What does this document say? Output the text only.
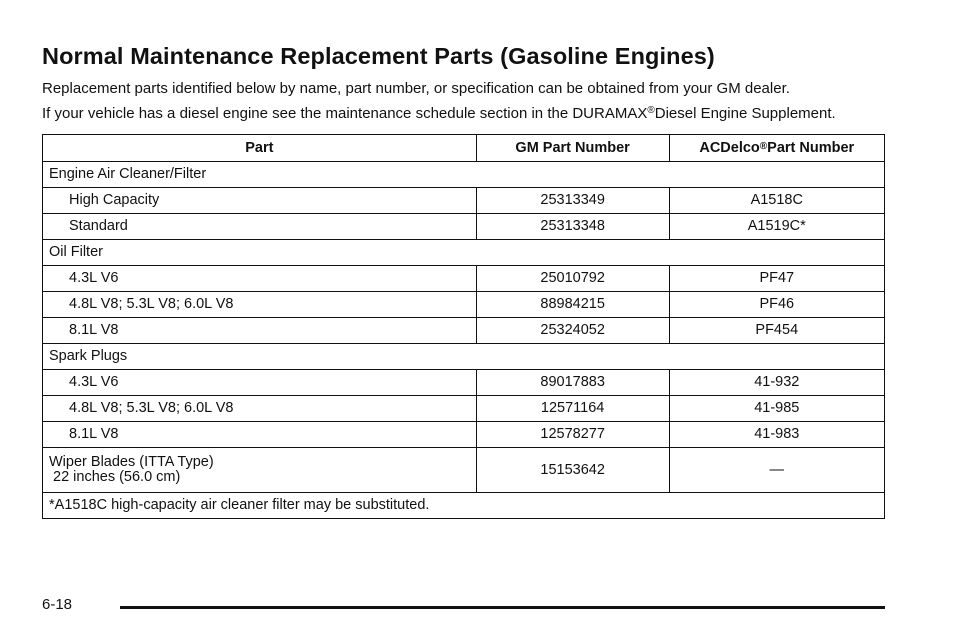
Normal Maintenance Replacement Parts (Gasoline Engines)

Replacement parts identified below by name, part number, or specification can be obtained from your GM dealer.

If your vehicle has a diesel engine see the maintenance schedule section in the DURAMAX®Diesel Engine Supplement.

Part	GM Part Number	ACDelco®Part Number
Engine Air Cleaner/Filter		
High Capacity	25313349	A1518C
Standard	25313348	A1519C*
Oil Filter		
4.3L V6	25010792	PF47
4.8L V8; 5.3L V8; 6.0L V8	88984215	PF46
8.1L V8	25324052	PF454
Spark Plugs		
4.3L V6	89017883	41-932
4.8L V8; 5.3L V8; 6.0L V8	12571164	41-985
8.1L V8	12578277	41-983

Wiper Blades (ITTA Type)
22 inches (56.0 cm)	15153642	—
*A1518C high-capacity air cleaner filter may be substituted.		
6-18
